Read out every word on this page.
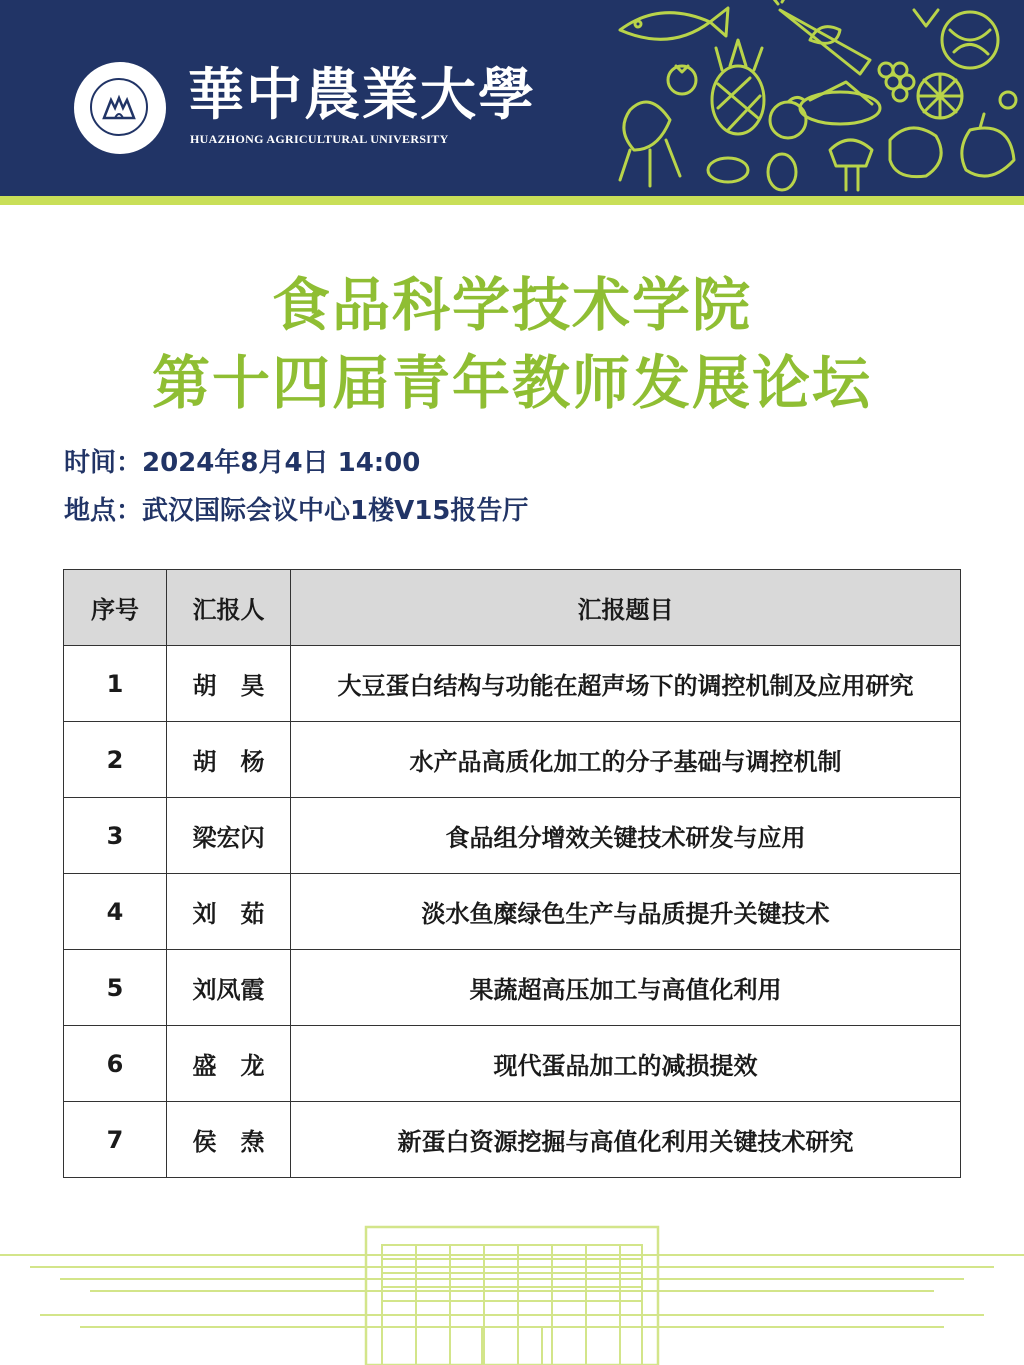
華中農業大學
HUAZHONG AGRICULTURAL UNIVERSITY
食品科学技术学院
第十四届青年教师发展论坛
时间：2024年8月4日 14:00
地点：武汉国际会议中心1楼V15报告厅
序号	汇报人	汇报题目
1	胡　昊	大豆蛋白结构与功能在超声场下的调控机制及应用研究
2	胡　杨	水产品高质化加工的分子基础与调控机制
3	梁宏闪	食品组分增效关键技术研发与应用
4	刘　茹	淡水鱼糜绿色生产与品质提升关键技术
5	刘凤霞	果蔬超高压加工与高值化利用
6	盛　龙	现代蛋品加工的减损提效
7	侯　焘	新蛋白资源挖掘与高值化利用关键技术研究
